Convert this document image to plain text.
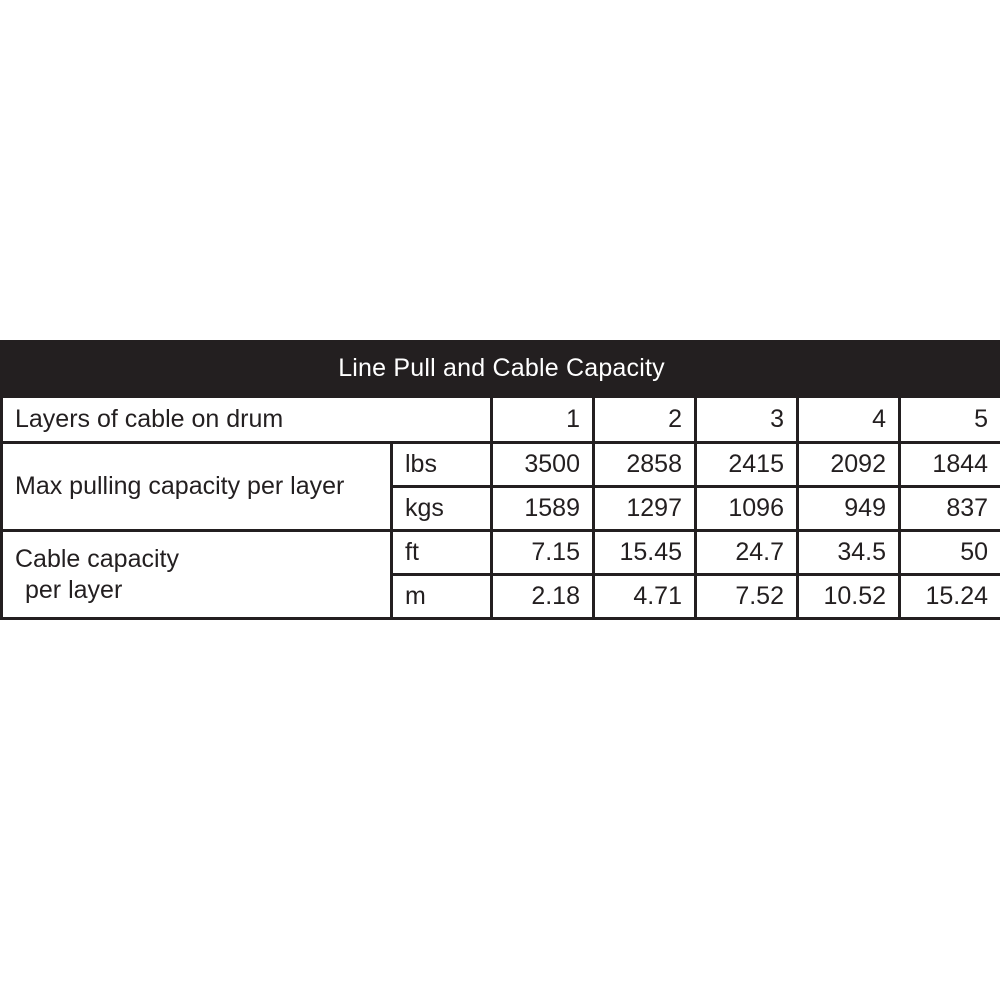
Line Pull and Cable Capacity						
Layers of cable on drum		1	2	3	4	5
Max pulling capacity per layer	lbs	3500	2858	2415	2092	1844
	kgs	1589	1297	1096	949	837
Cable capacity
per layer	ft	7.15	15.45	24.7	34.5	50
	m	2.18	4.71	7.52	10.52	15.24
